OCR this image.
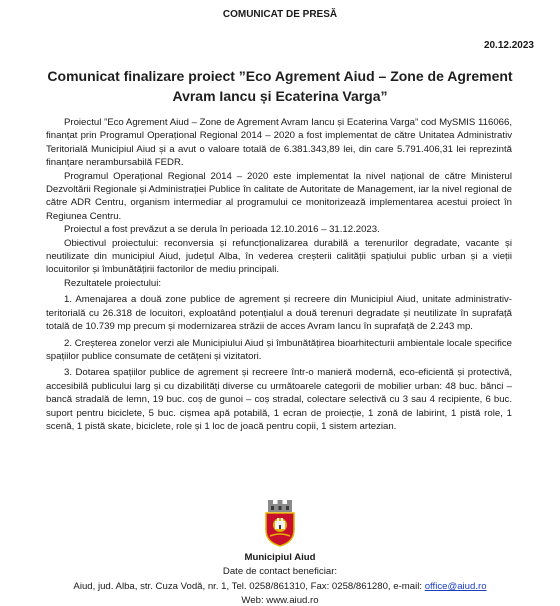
COMUNICAT DE PRESĂ
20.12.2023
Comunicat finalizare proiect ”Eco Agrement Aiud – Zone de Agrement
Avram Iancu și Ecaterina Varga”

Proiectul ”Eco Agrement Aiud – Zone de Agrement Avram Iancu și Ecaterina Varga” cod MySMIS 116066, finanțat prin Programul Operațional Regional 2014 – 2020 a fost implementat de către Unitatea Administrativ Teritorială Municipiul Aiud și a avut o valoare totală de 6.381.343,89 lei, din care 5.791.406,31 lei reprezintă finanțare nerambursabilă FEDR.

Programul Operațional Regional 2014 – 2020 este implementat la nivel național de către Ministerul Dezvoltării Regionale și Administrației Publice în calitate de Autoritate de Management, iar la nivel regional de către ADR Centru, organism intermediar al programului ce monitorizează implementarea acestui proiect în Regiunea Centru.

Proiectul a fost prevăzut a se derula în perioada 12.10.2016 – 31.12.2023.

Obiectivul proiectului: reconversia și refuncționalizarea durabilă a terenurilor degradate, vacante și neutilizate din municipiul Aiud, județul Alba, în vederea creșterii calității spațiului public urban și a vieții locuitorilor și îmbunătățirii factorilor de mediu principali.

Rezultatele proiectului:

1. Amenajarea a două zone publice de agrement și recreere din Municipiul Aiud, unitate administrativ-teritorială cu 26.318 de locuitori, exploatând potențialul a două terenuri degradate și neutilizate în suprafață totală de 10.739 mp precum și modernizarea străzii de acces Avram Iancu în suprafață de 2.243 mp.

2. Creșterea zonelor verzi ale Municipiului Aiud și îmbunătățirea bioarhitecturii ambientale locale specifice spațiilor publice consumate de cetățeni și vizitatori.

3. Dotarea spațiilor publice de agrement și recreere într-o manieră modernă, eco-eficientă și protectivă, accesibilă publicului larg și cu dizabilități diverse cu următoarele categorii de mobilier urban: 48 buc. bănci – bancă stradală de lemn, 19 buc. coș de gunoi – coș stradal, colectare selectivă cu 3 sau 4 recipiente, 6 buc. suport pentru biciclete, 5 buc. cișmea apă potabilă, 1 ecran de proiecție, 1 zonă de labirint, 1 pistă role, 1 scenă, 1 pistă skate, biciclete, role și 1 loc de joacă pentru copii, 1 sistem artezian.

Municipiul Aiud
Date de contact beneficiar:
Aiud, jud. Alba, str. Cuza Vodă, nr. 1, Tel. 0258/861310, Fax: 0258/861280, e-mail: office@aiud.ro
Web: www.aiud.ro
